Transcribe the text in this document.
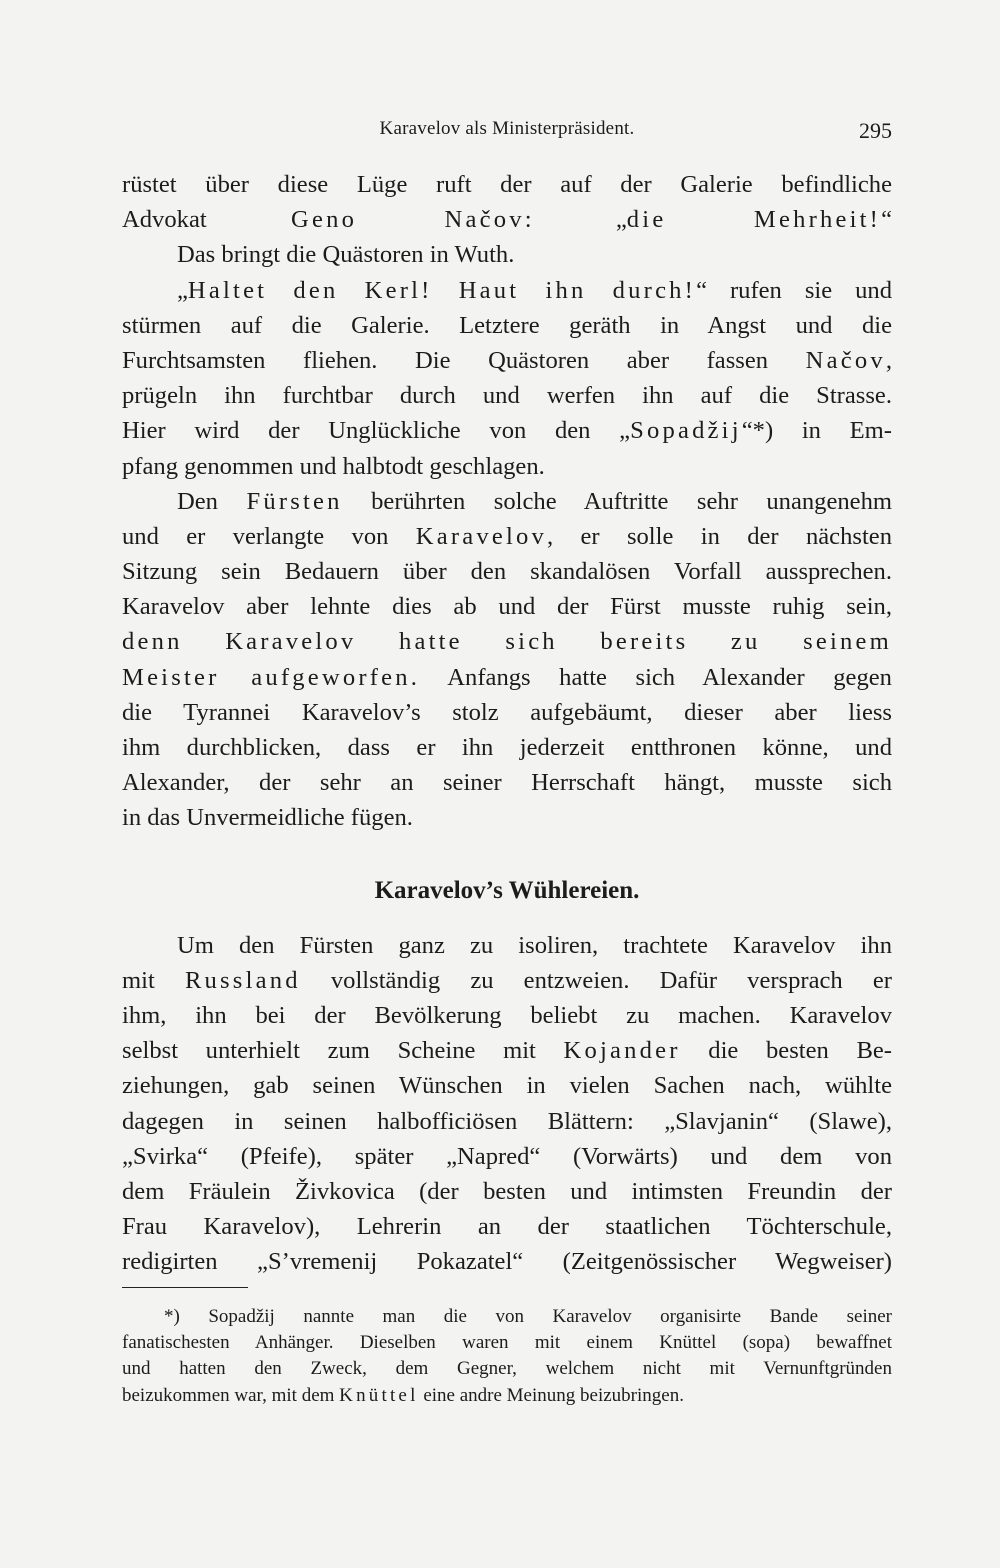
Karavelov als Ministerpräsident.	295
rüstet über diese Lüge ruft der auf der Galerie befindliche
Advokat Geno Načov: „die Mehrheit!“
Das bringt die Quästoren in Wuth.
„Haltet den Kerl! Haut ihn durch!“ rufen sie und
stürmen auf die Galerie. Letztere geräth in Angst und die
Furchtsamsten fliehen. Die Quästoren aber fassen Načov,
prügeln ihn furchtbar durch und werfen ihn auf die Strasse.
Hier wird der Unglückliche von den „Sopadžij“*) in Em-
pfang genommen und halbtodt geschlagen.
Den Fürsten berührten solche Auftritte sehr unangenehm
und er verlangte von Karavelov, er solle in der nächsten
Sitzung sein Bedauern über den skandalösen Vorfall aussprechen.
Karavelov aber lehnte dies ab und der Fürst musste ruhig sein,
denn Karavelov hatte sich bereits zu seinem
Meister aufgeworfen. Anfangs hatte sich Alexander gegen
die Tyrannei Karavelov’s stolz aufgebäumt, dieser aber liess
ihm durchblicken, dass er ihn jederzeit entthronen könne, und
Alexander, der sehr an seiner Herrschaft hängt, musste sich
in das Unvermeidliche fügen.
Karavelov’s Wühlereien.
Um den Fürsten ganz zu isoliren, trachtete Karavelov ihn
mit Russland vollständig zu entzweien. Dafür versprach er
ihm, ihn bei der Bevölkerung beliebt zu machen. Karavelov
selbst unterhielt zum Scheine mit Kojander die besten Be-
ziehungen, gab seinen Wünschen in vielen Sachen nach, wühlte
dagegen in seinen halbofficiösen Blättern: „Slavjanin“ (Slawe),
„Svirka“ (Pfeife), später „Napred“ (Vorwärts) und dem von
dem Fräulein Živkovica (der besten und intimsten Freundin der
Frau Karavelov), Lehrerin an der staatlichen Töchterschule,
redigirten „S’vremenij Pokazatel“ (Zeitgenössischer Wegweiser)
*) Sopadžij nannte man die von Karavelov organisirte Bande seiner
fanatischesten Anhänger. Dieselben waren mit einem Knüttel (sopa) bewaffnet
und hatten den Zweck, dem Gegner, welchem nicht mit Vernunftgründen
beizukommen war, mit dem Knüttel eine andre Meinung beizubringen.
